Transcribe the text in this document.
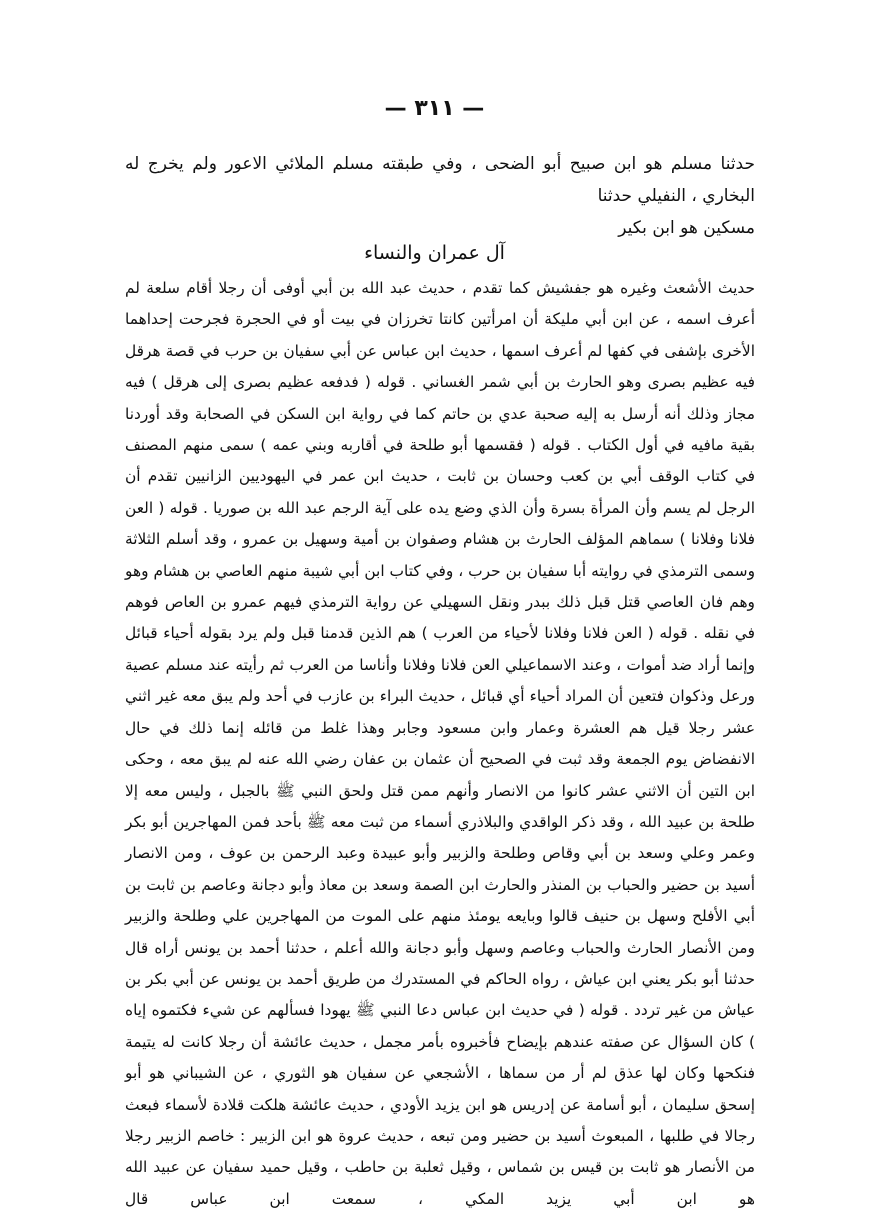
— ٣١١ —
حدثنا مسلم هو ابن صبيح أبو الضحى ، وفي طبقته مسلم الملائي الاعور ولم يخرج له البخاري ، النفيلي حدثنا
مسكين هو ابن بكير
آل عمران والنساء
حديث الأشعث وغيره هو جفشيش كما تقدم ، حديث عبد الله بن أبي أوفى أن رجلا أقام سلعة لم أعرف اسمه ، عن ابن أبي مليكة أن امرأتين كانتا تخرزان في بيت أو في الحجرة فجرحت إحداهما الأخرى بإشفى في كفها لم أعرف اسمها ، حديث ابن عباس عن أبي سفيان بن حرب في قصة هرقل فيه عظيم بصرى وهو الحارث بن أبي شمر الغساني . قوله ( فدفعه عظيم بصرى إلى هرقل ) فيه مجاز وذلك أنه أرسل به إليه صحبة عدي بن حاتم كما في رواية ابن السكن في الصحابة وقد أوردنا بقية مافيه في أول الكتاب . قوله ( فقسمها أبو طلحة في أقاربه وبني عمه ) سمى منهم المصنف في كتاب الوقف أبي بن كعب وحسان بن ثابت ، حديث ابن عمر في اليهوديين الزانيين تقدم أن الرجل لم يسم وأن المرأة بسرة وأن الذي وضع يده على آية الرجم عبد الله بن صوريا . قوله ( العن فلانا وفلانا ) سماهم المؤلف الحارث بن هشام وصفوان بن أمية وسهيل بن عمرو ، وقد أسلم الثلاثة وسمى الترمذي في روايته أبا سفيان بن حرب ، وفي كتاب ابن أبي شيبة منهم العاصي بن هشام وهو وهم فان العاصي قتل قبل ذلك ببدر ونقل السهيلي عن رواية الترمذي فيهم عمرو بن العاص فوهم في نقله . قوله ( العن فلانا وفلانا لأحياء من العرب ) هم الذين قدمنا قبل ولم يرد بقوله أحياء قبائل وإنما أراد ضد أموات ، وعند الاسماعيلي العن فلانا وفلانا وأناسا من العرب ثم رأيته عند مسلم عصية ورعل وذكوان فتعين أن المراد أحياء أي قبائل ، حديث البراء بن عازب في أحد ولم يبق معه غير اثني عشر رجلا قيل هم العشرة وعمار وابن مسعود وجابر وهذا غلط من قائله إنما ذلك في حال الانفضاض يوم الجمعة وقد ثبت في الصحيح أن عثمان بن عفان رضي الله عنه لم يبق معه ، وحكى ابن التين أن الاثني عشر كانوا من الانصار وأنهم ممن قتل ولحق النبي ﷺ بالجبل ، وليس معه إلا طلحة بن عبيد الله ، وقد ذكر الواقدي والبلاذري أسماء من ثبت معه ﷺ بأحد فمن المهاجرين أبو بكر وعمر وعلي وسعد بن أبي وقاص وطلحة والزبير وأبو عبيدة وعبد الرحمن بن عوف ، ومن الانصار أسيد بن حضير والحباب بن المنذر والحارث ابن الصمة وسعد بن معاذ وأبو دجانة وعاصم بن ثابت بن أبي الأفلح وسهل بن حنيف قالوا وبايعه يومئذ منهم على الموت من المهاجرين علي وطلحة والزبير ومن الأنصار الحارث والحباب وعاصم وسهل وأبو دجانة والله أعلم ، حدثنا أحمد بن يونس أراه قال حدثنا أبو بكر يعني ابن عياش ، رواه الحاكم في المستدرك من طريق أحمد بن يونس عن أبي بكر بن عياش من غير تردد . قوله ( في حديث ابن عباس دعا النبي ﷺ يهودا فسألهم عن شيء فكتموه إياه ) كان السؤال عن صفته عندهم بإيضاح فأخبروه بأمر مجمل ، حديث عائشة أن رجلا كانت له يتيمة فنكحها وكان لها عذق لم أر من سماها ، الأشجعي عن سفيان هو الثوري ، عن الشيباني هو أبو إسحق سليمان ، أبو أسامة عن إدريس هو ابن يزيد الأودي ، حديث عائشة هلكت قلادة لأسماء فبعث رجالا في طلبها ، المبعوث أسيد بن حضير ومن تبعه ، حديث عروة هو ابن الزبير : خاصم الزبير رجلا من الأنصار هو ثابت بن قيس بن شماس ، وقيل ثعلبة بن حاطب ، وقيل حميد سفيان عن عبيد الله هو ابن أبي يزيد المكي ، سمعت ابن عباس قال
